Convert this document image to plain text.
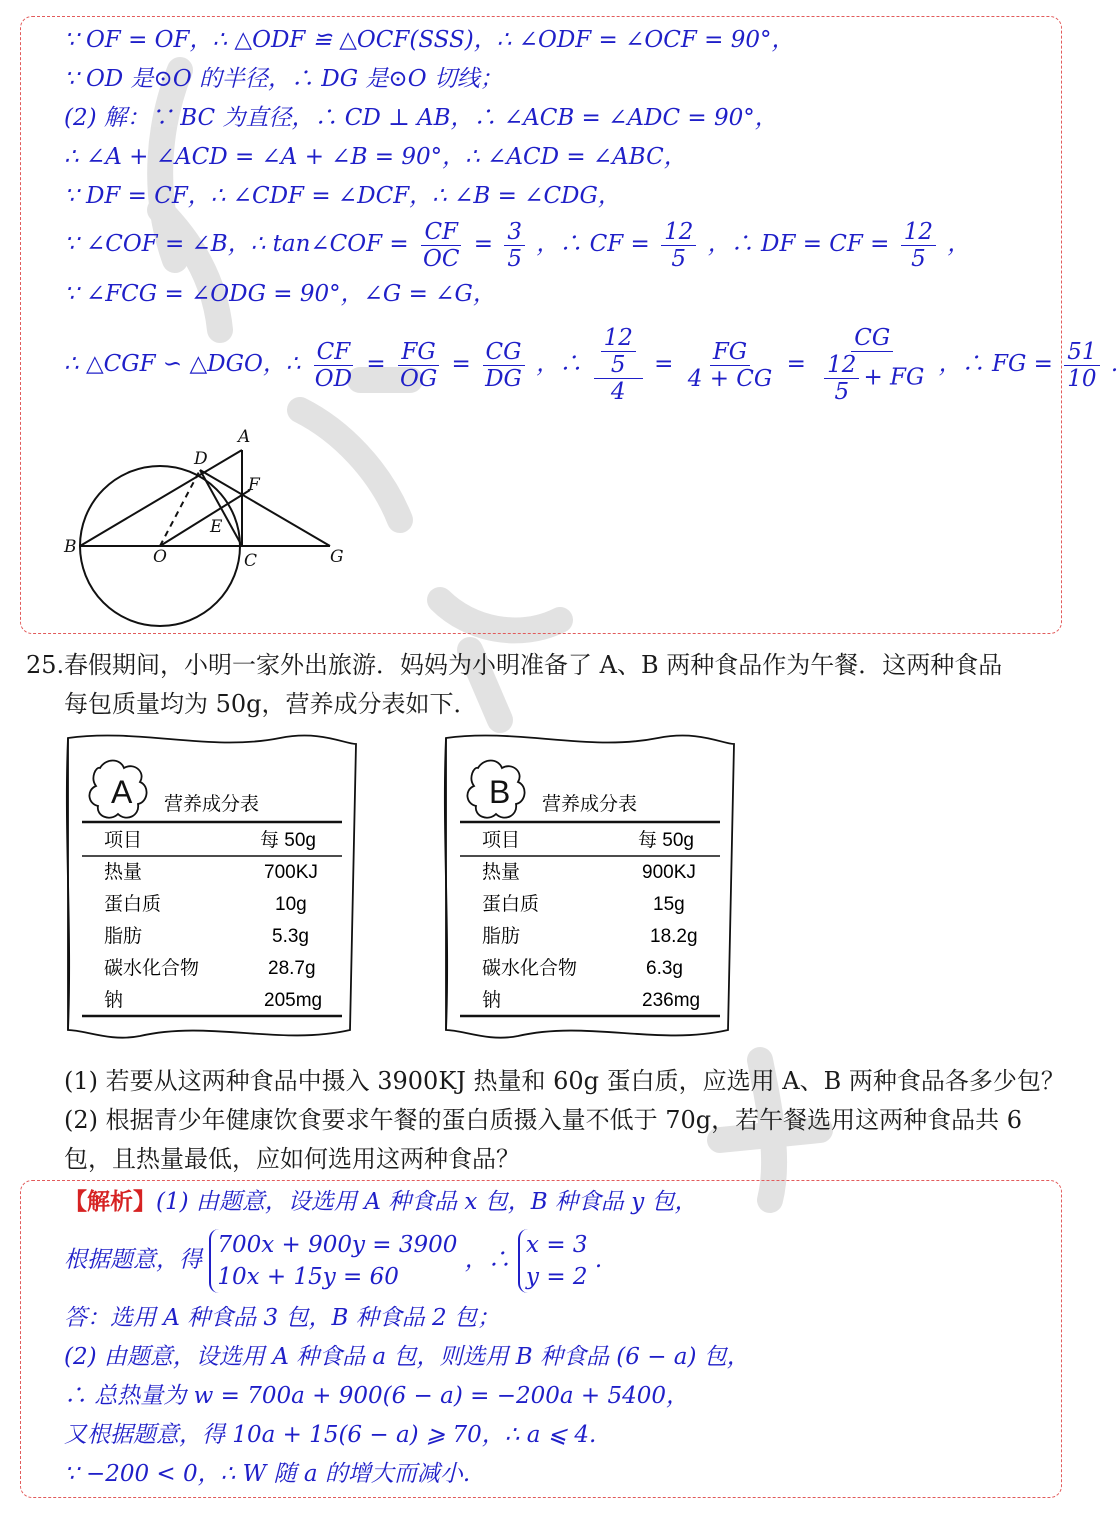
∵ OF = OF，∴ △ODF ≌ △OCF(SSS)，∴ ∠ODF = ∠OCF = 90°，
∵ OD 是⊙O 的半径，∴ DG 是⊙O 切线；
(2) 解：∵ BC 为直径，∴ CD ⊥ AB，∴ ∠ACB = ∠ADC = 90°，
∴ ∠A + ∠ACD = ∠A + ∠B = 90°，∴ ∠ACD = ∠ABC，
∵ DF = CF，∴ ∠CDF = ∠DCF，∴ ∠B = ∠CDG，
∵ ∠COF = ∠B，∴ tan∠COF = $\frac{CF}{OC} = \frac{3}{5}$ ，∴ CF = $\frac{12}{5}$ ，∴ DF = CF = $\frac{12}{5}$ ，
∵ ∠FCG = ∠ODG = 90°，∠G = ∠G，
∴ △CGF ∽ △DGO，∴ $\frac{CF}{OD} = \frac{FG}{OG} = \frac{CG}{DG}$ ，∴ $\frac{\frac{12}{5}}{4} = \frac{FG}{4 + CG} = \frac{CG}{\frac{12}{5} + FG}$ ，∴ FG = $\frac{51}{10}$ .
A
B
C
D
E
F
G
O
25. 春假期间，小明一家外出旅游．妈妈为小明准备了 A、B 两种食品作为午餐．这两种食品
每包质量均为 50g，营养成分表如下．
A 营养成分表
项目	每 50g
热量	700KJ
蛋白质	10g
脂肪	5.3g
碳水化合物	28.7g
钠	205mg
B 营养成分表
项目	每 50g
热量	900KJ
蛋白质	15g
脂肪	18.2g
碳水化合物	6.3g
钠	236mg
(1) 若要从这两种食品中摄入 3900KJ 热量和 60g 蛋白质，应选用 A、B 两种食品各多少包？
(2) 根据青少年健康饮食要求午餐的蛋白质摄入量不低于 70g，若午餐选用这两种食品共 6
包，且热量最低，应如何选用这两种食品？
【解析】(1) 由题意，设选用 A 种食品 x 包，B 种食品 y 包，
根据题意，得
700x + 900y = 3900
10x + 15y = 60
，∴
x = 3
y = 2
.
答：选用 A 种食品 3 包，B 种食品 2 包；
(2) 由题意，设选用 A 种食品 a 包，则选用 B 种食品 (6 − a) 包，
∴ 总热量为 w = 700a + 900(6 − a) = −200a + 5400，
又根据题意，得 10a + 15(6 − a) ⩾ 70，∴ a ⩽ 4.
∵ −200 < 0，∴ W 随 a 的增大而减小.
